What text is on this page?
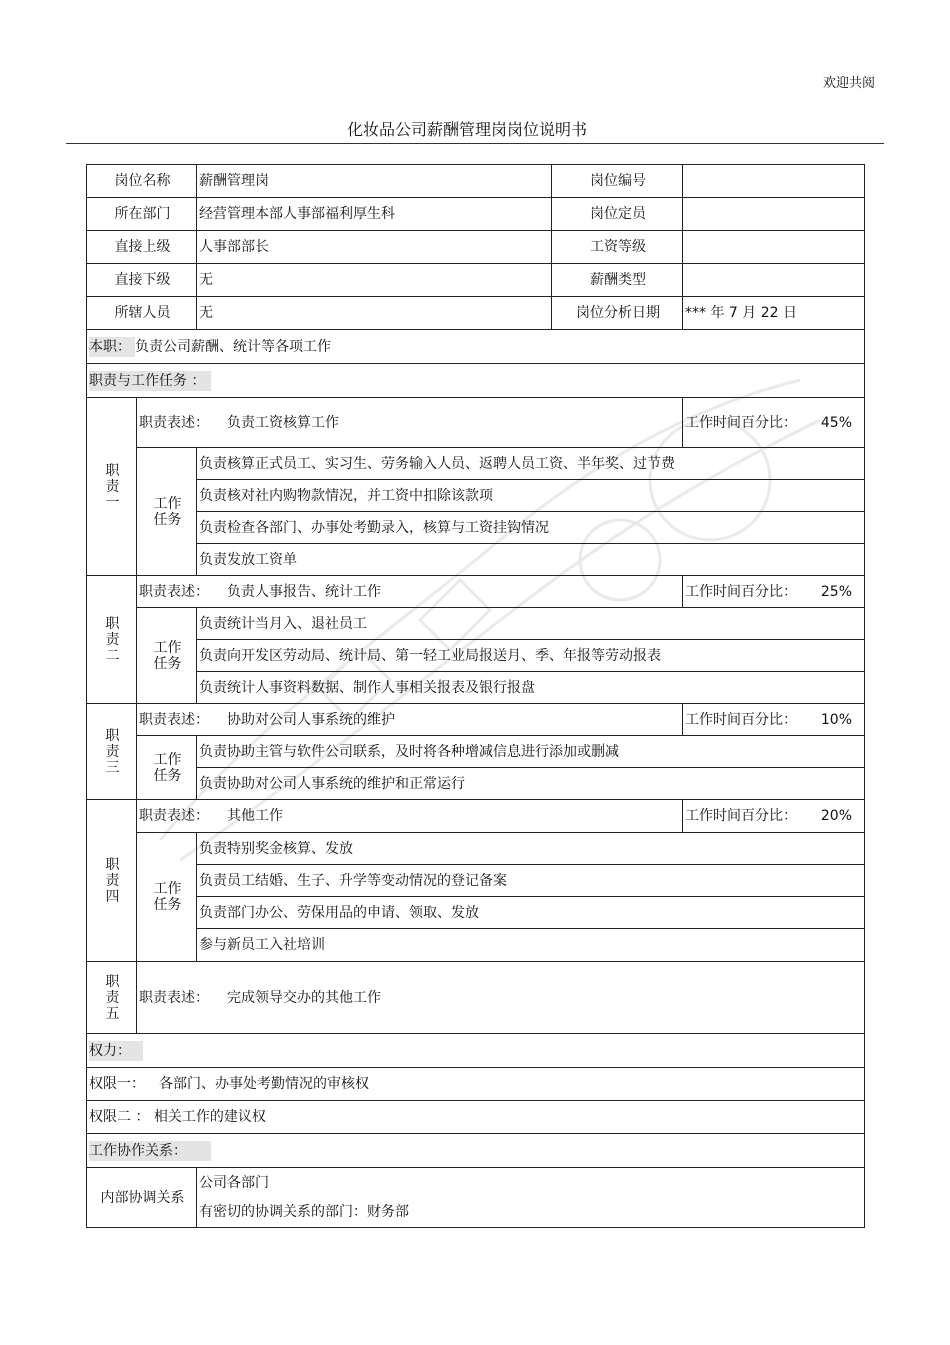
欢迎共阅
化妆品公司薪酬管理岗岗位说明书
岗位名称		薪酬管理岗	岗位编号	
所在部门		经营管理本部人事部福利厚生科	岗位定员	
直接上级		人事部部长	工资等级	
直接下级		无	薪酬类型	
所辖人员		无	岗位分析日期	*** 年 7 月 22 日
本职： 负责公司薪酬、统计等各项工作				
职责与工作任务 ：				
职
责
一	职责表述： 负责工资核算工作			工作时间百分比： 45%

	工作
任务	负责核算正式员工、实习生、劳务输入人员、返聘人员工资、半年奖、过节费		
		负责核对社内购物款情况，并工资中扣除该款项		
		负责检查各部门、办事处考勤录入，核算与工资挂钩情况		
		负责发放工资单		
职
责
二	职责表述： 负责人事报告、统计工作			工作时间百分比： 25%

	工作
任务	负责统计当月入、退社员工		
		负责向开发区劳动局、统计局、第一轻工业局报送月、季、年报等劳动报表		
		负责统计人事资料数据、制作人事相关报表及银行报盘		
职
责
三	职责表述： 协助对公司人事系统的维护			工作时间百分比： 10%

	工作
任务	负责协助主管与软件公司联系，及时将各种增减信息进行添加或删减		
		负责协助对公司人事系统的维护和正常运行		
职
责
四	职责表述： 其他工作			工作时间百分比： 20%

	工作
任务	负责特别奖金核算、发放		
		负责员工结婚、生子、升学等变动情况的登记备案		
		负责部门办公、劳保用品的申请、领取、发放		
		参与新员工入社培训		
职
责
五	职责表述： 完成领导交办的其他工作			
权力：				
权限一： 各部门、办事处考勤情况的审核权				
权限二 ： 相关工作的建议权				
工作协作关系：				
内部协调关系		公司各部门
有密切的协调关系的部门：财务部		
